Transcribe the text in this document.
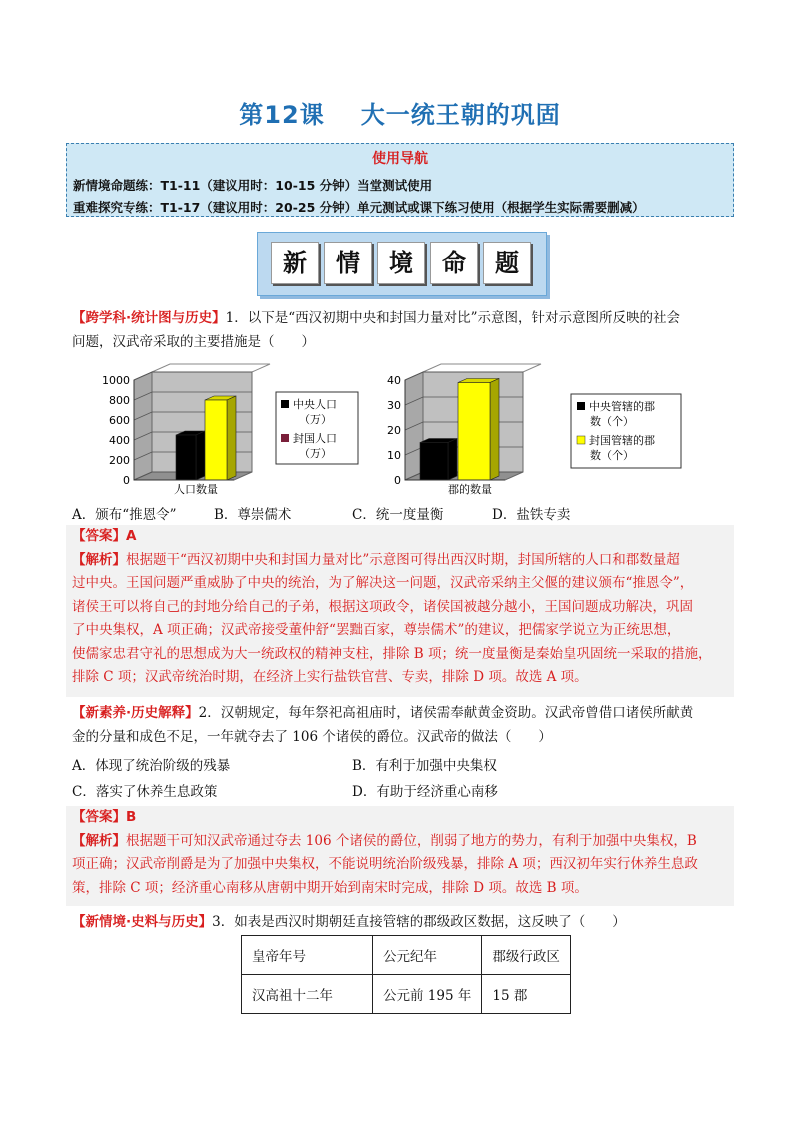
第12课 大一统王朝的巩固
使用导航
新情境命题练：T1-11（建议用时：10-15 分钟）当堂测试使用
重难探究专练：T1-17（建议用时：20-25 分钟）单元测试或课下练习使用（根据学生实际需要删减）
新	情	境	命	题
【跨学科·统计图与历史】1．以下是“西汉初期中央和封国力量对比”示意图，针对示意图所反映的社会
问题，汉武帝采取的主要措施是（　　）
0
200
400
600
800
1000
人口数量
中央人口
（万）
封国人口
（万）
0
10
20
30
40
郡的数量
中央管辖的郡
数（个）
封国管辖的郡
数（个）
A．颁布“推恩令”	B．尊崇儒术	C．统一度量衡	D．盐铁专卖
【答案】A
【解析】根据题干“西汉初期中央和封国力量对比”示意图可得出西汉时期，封国所辖的人口和郡数量超
过中央。王国问题严重威胁了中央的统治，为了解决这一问题，汉武帝采纳主父偃的建议颁布“推恩令”，
诸侯王可以将自己的封地分给自己的子弟，根据这项政令，诸侯国被越分越小，王国问题成功解决，巩固
了中央集权，A 项正确；汉武帝接受董仲舒“罢黜百家，尊崇儒术”的建议，把儒家学说立为正统思想，
使儒家忠君守礼的思想成为大一统政权的精神支柱，排除 B 项；统一度量衡是秦始皇巩固统一采取的措施，
排除 C 项；汉武帝统治时期，在经济上实行盐铁官营、专卖，排除 D 项。故选 A 项。
【新素养·历史解释】2．汉朝规定，每年祭祀高祖庙时，诸侯需奉献黄金资助。汉武帝曾借口诸侯所献黄
金的分量和成色不足，一年就夺去了 106 个诸侯的爵位。汉武帝的做法（　　）
A．体现了统治阶级的残暴	B．有利于加强中央集权
C．落实了休养生息政策	D．有助于经济重心南移
【答案】B
【解析】根据题干可知汉武帝通过夺去 106 个诸侯的爵位，削弱了地方的势力，有利于加强中央集权，B
项正确；汉武帝削爵是为了加强中央集权，不能说明统治阶级残暴，排除 A 项；西汉初年实行休养生息政
策，排除 C 项；经济重心南移从唐朝中期开始到南宋时完成，排除 D 项。故选 B 项。
【新情境·史料与历史】3．如表是西汉时期朝廷直接管辖的郡级政区数据，这反映了（　　）
皇帝年号	公元纪年	郡级行政区
汉高祖十二年	公元前 195 年	15 郡
